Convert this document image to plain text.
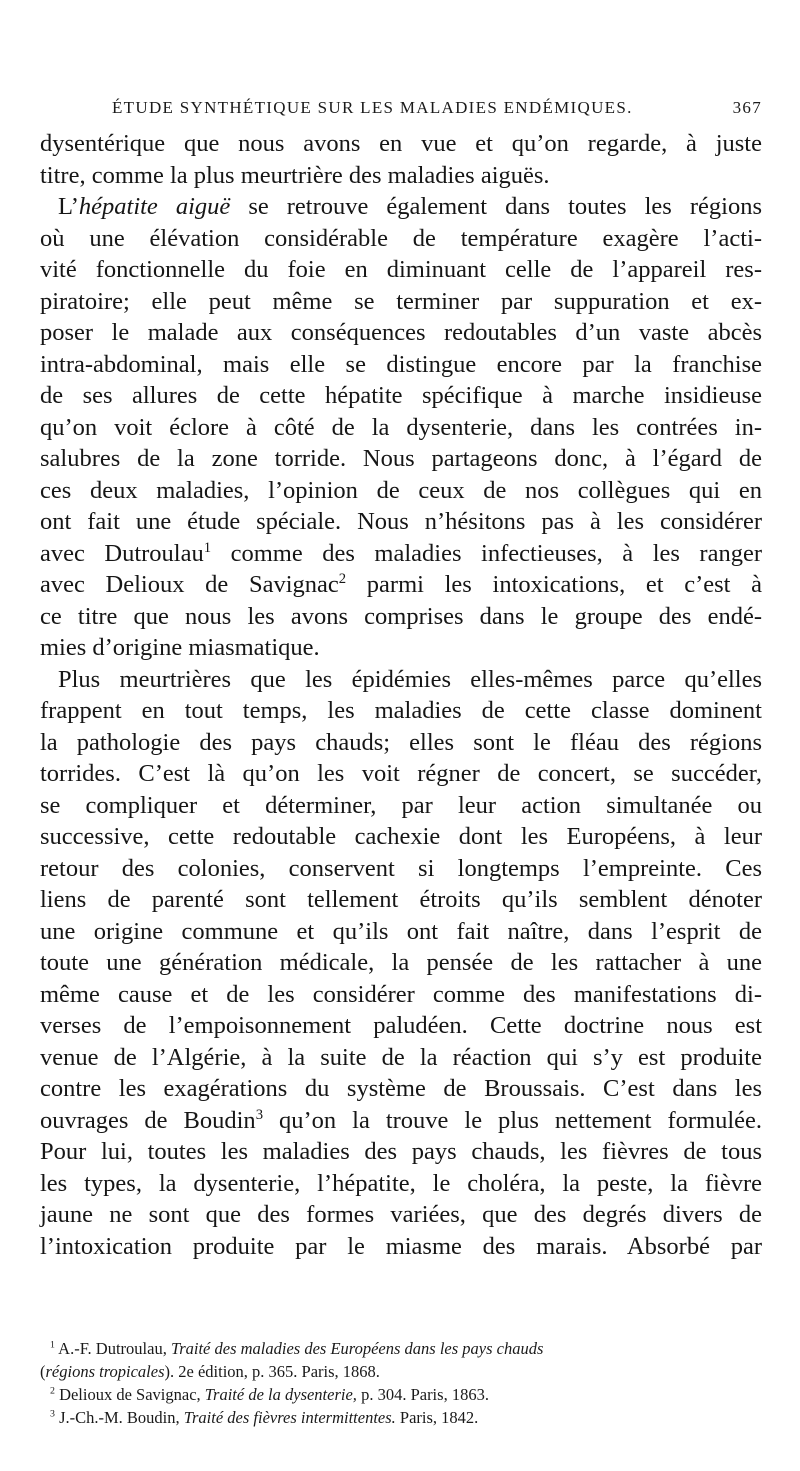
ÉTUDE SYNTHÉTIQUE SUR LES MALADIES ENDÉMIQUES.	367
dysentérique que nous avons en vue et qu’on regarde, à juste
titre, comme la plus meurtrière des maladies aiguës.
L’hépatite aiguë se retrouve également dans toutes les régions
où une élévation considérable de température exagère l’acti-
vité fonctionnelle du foie en diminuant celle de l’appareil res-
piratoire; elle peut même se terminer par suppuration et ex-
poser le malade aux conséquences redoutables d’un vaste abcès
intra-abdominal, mais elle se distingue encore par la franchise
de ses allures de cette hépatite spécifique à marche insidieuse
qu’on voit éclore à côté de la dysenterie, dans les contrées in-
salubres de la zone torride. Nous partageons donc, à l’égard de
ces deux maladies, l’opinion de ceux de nos collègues qui en
ont fait une étude spéciale. Nous n’hésitons pas à les considérer
avec Dutroulau$^1$ comme des maladies infectieuses, à les ranger
avec Delioux de Savignac$^2$ parmi les intoxications, et c’est à
ce titre que nous les avons comprises dans le groupe des endé-
mies d’origine miasmatique.
Plus meurtrières que les épidémies elles-mêmes parce qu’elles
frappent en tout temps, les maladies de cette classe dominent
la pathologie des pays chauds; elles sont le fléau des régions
torrides. C’est là qu’on les voit régner de concert, se succéder,
se compliquer et déterminer, par leur action simultanée ou
successive, cette redoutable cachexie dont les Européens, à leur
retour des colonies, conservent si longtemps l’empreinte. Ces
liens de parenté sont tellement étroits qu’ils semblent dénoter
une origine commune et qu’ils ont fait naître, dans l’esprit de
toute une génération médicale, la pensée de les rattacher à une
même cause et de les considérer comme des manifestations di-
verses de l’empoisonnement paludéen. Cette doctrine nous est
venue de l’Algérie, à la suite de la réaction qui s’y est produite
contre les exagérations du système de Broussais. C’est dans les
ouvrages de Boudin$^3$ qu’on la trouve le plus nettement formulée.
Pour lui, toutes les maladies des pays chauds, les fièvres de tous
les types, la dysenterie, l’hépatite, le choléra, la peste, la fièvre
jaune ne sont que des formes variées, que des degrés divers de
l’intoxication produite par le miasme des marais. Absorbé par
$^1$ A.-F. Dutroulau, Traité des maladies des Européens dans les pays chauds
(régions tropicales). 2e édition, p. 365. Paris, 1868.
$^2$ Delioux de Savignac, Traité de la dysenterie, p. 304. Paris, 1863.
$^3$ J.-Ch.-M. Boudin, Traité des fièvres intermittentes. Paris, 1842.
